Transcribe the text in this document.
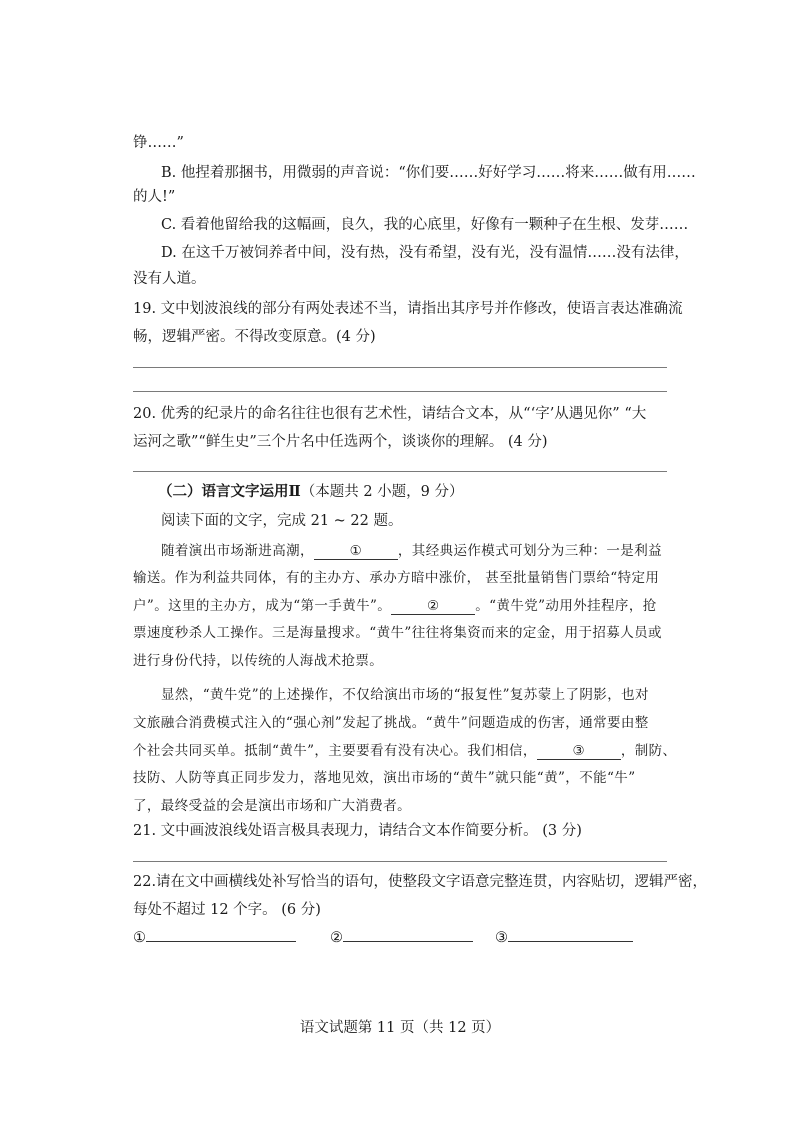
铮……”
B. 他捏着那捆书，用微弱的声音说：“你们要……好好学习……将来……做有用……
的人!”
C. 看着他留给我的这幅画，良久，我的心底里，好像有一颗种子在生根、发芽……
D. 在这千万被饲养者中间，没有热，没有希望，没有光，没有温情……没有法律，
没有人道。
19. 文中划波浪线的部分有两处表述不当，请指出其序号并作修改，使语言表达准确流
畅，逻辑严密。不得改变原意。(4 分)
20. 优秀的纪录片的命名往往也很有艺术性，请结合文本，从“‘字’从遇见你” “大
运河之歌”“鲜生史”三个片名中任选两个，谈谈你的理解。 (4 分)
（二）语言文字运用Ⅱ（本题共 2 小题，9 分）
阅读下面的文字，完成 21 ~ 22 题。
随着演出市场渐进高潮，	①	，其经典运作模式可划分为三种：一是利益
输送。作为利益共同体，有的主办方、承办方暗中涨价， 甚至批量销售门票给“特定用
户”。这里的主办方，成为“第一手黄牛”。	②	。“黄牛党”动用外挂程序，抢
票速度秒杀人工操作。三是海量搜求。“黄牛”往往将集资而来的定金，用于招募人员或
进行身份代持，以传统的人海战术抢票。
显然，“黄牛党”的上述操作，不仅给演出市场的“报复性”复苏蒙上了阴影，也对
文旅融合消费模式注入的“强心剂”发起了挑战。“黄牛”问题造成的伤害，通常要由整
个社会共同买单。抵制“黄牛”，主要要看有没有决心。我们相信，	③	，制防、
技防、人防等真正同步发力，落地见效，演出市场的“黄牛”就只能“黄”，不能“牛”
了，最终受益的会是演出市场和广大消费者。
21. 文中画波浪线处语言极具表现力，请结合文本作简要分析。 (3 分)
22.请在文中画横线处补写恰当的语句，使整段文字语意完整连贯，内容贴切，逻辑严密，
每处不超过 12 个字。 (6 分)
①	②	③
语文试题第 11 页（共 12 页）
